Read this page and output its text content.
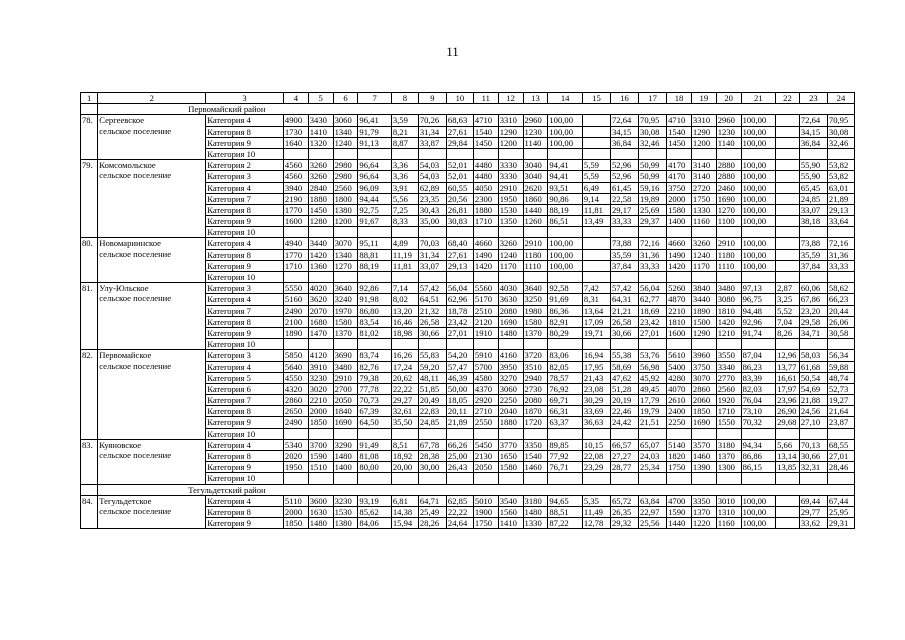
11
1	2	3	4	5	6	7	8	9	10	11	12	13	14	15	16	17	18	19	20	21	22	23	24
	Первомайский район																						
78.	Сергеевское
сельское поселение	Категория 4	4900	3430	3060	96,41	3,59	70,26	68,63	4710	3310	2960	100,00		72,64	70,95	4710	3310	2960	100,00		72,64	70,95
		Категория 8	1730	1410	1340	91,79	8,21	31,34	27,61	1540	1290	1230	100,00		34,15	30,08	1540	1290	1230	100,00		34,15	30,08
		Категория 9	1640	1320	1240	91,13	8,87	33,87	29,84	1450	1200	1140	100,00		36,84	32,46	1450	1200	1140	100,00		36,84	32,46
		Категория 10																					
79.	Комсомольское
сельское поселение	Категория 2	4560	3260	2980	96,64	3,36	54,03	52,01	4480	3330	3040	94,41	5,59	52,96	50,99	4170	3140	2880	100,00		55,90	53,82
		Категория 3	4560	3260	2980	96,64	3,36	54,03	52,01	4480	3330	3040	94,41	5,59	52,96	50,99	4170	3140	2880	100,00		55,90	53,82
		Категория 4	3940	2840	2560	96,09	3,91	62,89	60,55	4050	2910	2620	93,51	6,49	61,45	59,16	3750	2720	2460	100,00		65,45	63,01
		Категория 7	2190	1880	1800	94,44	5,56	23,35	20,56	2300	1950	1860	90,86	9,14	22,58	19,89	2000	1750	1690	100,00		24,85	21,89
		Категория 8	1770	1450	1380	92,75	7,25	30,43	26,81	1880	1530	1440	88,19	11,81	29,17	25,69	1580	1330	1270	100,00		33,07	29,13
		Категория 9	1600	1280	1200	91,67	8,33	35,00	30,83	1710	1350	1260	86,51	13,49	33,33	29,37	1400	1160	1100	100,00		38,18	33,64
		Категория 10																					
80.	Новомариинское
сельское поселение	Категория 4	4940	3440	3070	95,11	4,89	70,03	68,40	4660	3260	2910	100,00		73,88	72,16	4660	3260	2910	100,00		73,88	72,16
		Категория 8	1770	1420	1340	88,81	11,19	31,34	27,61	1490	1240	1180	100,00		35,59	31,36	1490	1240	1180	100,00		35,59	31,36
		Категория 9	1710	1360	1270	88,19	11,81	33,07	29,13	1420	1170	1110	100,00		37,84	33,33	1420	1170	1110	100,00		37,84	33,33
		Категория 10																					
81.	Улу-Юльское
сельское поселение	Категория 3	5550	4020	3640	92,86	7,14	57,42	56,04	5560	4030	3640	92,58	7,42	57,42	56,04	5260	3840	3480	97,13	2,87	60,06	58,62
		Категория 4	5160	3620	3240	91,98	8,02	64,51	62,96	5170	3630	3250	91,69	8,31	64,31	62,77	4870	3440	3080	96,75	3,25	67,86	66,23
		Категория 7	2490	2070	1970	86,80	13,20	21,32	18,78	2510	2080	1980	86,36	13,64	21,21	18,69	2210	1890	1810	94,48	5,52	23,20	20,44
		Категория 8	2100	1680	1580	83,54	16,46	26,58	23,42	2120	1690	1580	82,91	17,09	26,58	23,42	1810	1500	1420	92,96	7,04	29,58	26,06
		Категория 9	1890	1470	1370	81,02	18,98	30,66	27,01	1910	1480	1370	80,29	19,71	30,66	27,01	1600	1290	1210	91,74	8,26	34,71	30,58
		Категория 10																					
82.	Первомайское
сельское поселение	Категория 3	5850	4120	3690	83,74	16,26	55,83	54,20	5910	4160	3720	83,06	16,94	55,38	53,76	5610	3960	3550	87,04	12,96	58,03	56,34
		Категория 4	5640	3910	3480	82,76	17,24	59,20	57,47	5700	3950	3510	82,05	17,95	58,69	56,98	5400	3750	3340	86,23	13,77	61,68	59,88
		Категория 5	4550	3230	2910	79,38	20,62	48,11	46,39	4580	3270	2940	78,57	21,43	47,62	45,92	4280	3070	2770	83,39	16,61	50,54	48,74
		Категория 6	4320	3020	2700	77,78	22,22	51,85	50,00	4370	3060	2730	76,92	23,08	51,28	49,45	4070	2860	2560	82,03	17,97	54,69	52,73
		Категория 7	2860	2210	2050	70,73	29,27	20,49	18,05	2920	2250	2080	69,71	30,29	20,19	17,79	2610	2060	1920	76,04	23,96	21,88	19,27
		Категория 8	2650	2000	1840	67,39	32,61	22,83	20,11	2710	2040	1870	66,31	33,69	22,46	19,79	2400	1850	1710	73,10	26,90	24,56	21,64
		Категория 9	2490	1850	1690	64,50	35,50	24,85	21,89	2550	1880	1720	63,37	36,63	24,42	21,51	2250	1690	1550	70,32	29,68	27,10	23,87
		Категория 10																					
83.	Куяновское
сельское поселение	Категория 4	5340	3700	3290	91,49	8,51	67,78	66,26	5450	3770	3350	89,85	10,15	66,57	65,07	5140	3570	3180	94,34	5,66	70,13	68,55
		Категория 8	2020	1590	1480	81,08	18,92	28,38	25,00	2130	1650	1540	77,92	22,08	27,27	24,03	1820	1460	1370	86,86	13,14	30,66	27,01
		Категория 9	1950	1510	1400	80,00	20,00	30,00	26,43	2050	1580	1460	76,71	23,29	28,77	25,34	1750	1390	1300	86,15	13,85	32,31	28,46
		Категория 10																					
	Тегульдетский район																						
84.	Тегульдетское
сельское поселение	Категория 4	5110	3600	3230	93,19	6,81	64,71	62,85	5010	3540	3180	94,65	5,35	65,72	63,84	4700	3350	3010	100,00		69,44	67,44
		Категория 8	2000	1630	1530	85,62	14,38	25,49	22,22	1900	1560	1480	88,51	11,49	26,35	22,97	1590	1370	1310	100,00		29,77	25,95
		Категория 9	1850	1480	1380	84,06	15,94	28,26	24,64	1750	1410	1330	87,22	12,78	29,32	25,56	1440	1220	1160	100,00		33,62	29,31
